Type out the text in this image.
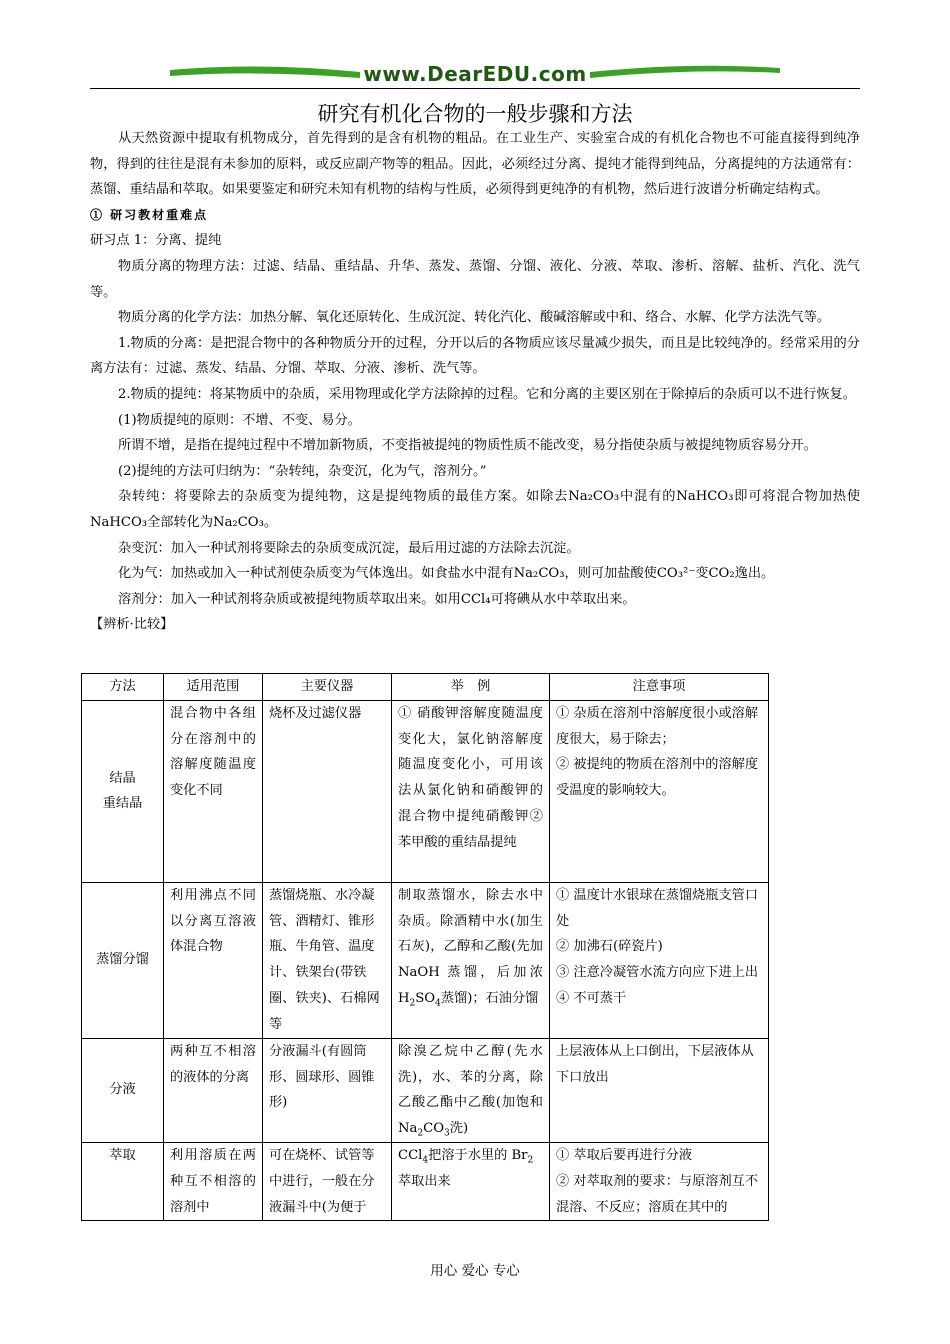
www.DearEDU.com
研究有机化合物的一般步骤和方法

从天然资源中提取有机物成分，首先得到的是含有机物的粗品。在工业生产、实验室合成的有机化合物也不可能直接得到纯净物，得到的往往是混有未参加的原料，或反应副产物等的粗品。因此，必须经过分离、提纯才能得到纯品，分离提纯的方法通常有：蒸馏、重结晶和萃取。如果要鉴定和研究未知有机物的结构与性质，必须得到更纯净的有机物，然后进行波谱分析确定结构式。

① 研习教材重难点

研习点 1：分离、提纯

物质分离的物理方法：过滤、结晶、重结晶、升华、蒸发、蒸馏、分馏、液化、分液、萃取、渗析、溶解、盐析、汽化、洗气等。

物质分离的化学方法：加热分解、氧化还原转化、生成沉淀、转化汽化、酸碱溶解或中和、络合、水解、化学方法洗气等。

1.物质的分离：是把混合物中的各种物质分开的过程，分开以后的各物质应该尽量减少损失，而且是比较纯净的。经常采用的分离方法有：过滤、蒸发、结晶、分馏、萃取、分液、渗析、洗气等。

2.物质的提纯：将某物质中的杂质，采用物理或化学方法除掉的过程。它和分离的主要区别在于除掉后的杂质可以不进行恢复。

(1)物质提纯的原则：不增、不变、易分。

所谓不增，是指在提纯过程中不增加新物质，不变指被提纯的物质性质不能改变，易分指使杂质与被提纯物质容易分开。

(2)提纯的方法可归纳为：“杂转纯，杂变沉，化为气，溶剂分。”

杂转纯：将要除去的杂质变为提纯物，这是提纯物质的最佳方案。如除去Na₂CO₃中混有的NaHCO₃即可将混合物加热使NaHCO₃全部转化为Na₂CO₃。

杂变沉：加入一种试剂将要除去的杂质变成沉淀，最后用过滤的方法除去沉淀。

化为气：加热或加入一种试剂使杂质变为气体逸出。如食盐水中混有Na₂CO₃，则可加盐酸使CO₃²⁻变CO₂逸出。

溶剂分：加入一种试剂将杂质或被提纯物质萃取出来。如用CCl₄可将碘从水中萃取出来。

【辨析·比较】

方法	适用范围	主要仪器	举　例	注意事项

结晶
重结晶	混合物中各组分在溶剂中的溶解度随温度变化不同	烧杯及过滤仪器	① 硝酸钾溶解度随温度变化大，氯化钠溶解度随温度变化小，可用该法从氯化钠和硝酸钾的混合物中提纯硝酸钾②苯甲酸的重结晶提纯	① 杂质在溶剂中溶解度很小或溶解度很大，易于除去；
② 被提纯的物质在溶剂中的溶解度受温度的影响较大。

蒸馏分馏	利用沸点不同以分离互溶液体混合物	蒸馏烧瓶、水冷凝管、酒精灯、锥形瓶、牛角管、温度计、铁架台(带铁圈、铁夹)、石棉网等	制取蒸馏水，除去水中杂质。除酒精中水(加生石灰)，乙醇和乙酸(先加 NaOH 蒸馏，后加浓 $H_2SO_4$蒸馏)；石油分馏	① 温度计水银球在蒸馏烧瓶支管口处
② 加沸石(碎瓷片)
③ 注意冷凝管水流方向应下进上出
④ 不可蒸干

分液	两种互不相溶的液体的分离	分液漏斗(有圆筒形、圆球形、圆锥形)	除溴乙烷中乙醇(先水洗)，水、苯的分离，除乙酸乙酯中乙酸(加饱和 $Na_2CO_3$洗)	上层液体从上口倒出，下层液体从下口放出
萃取	利用溶质在两种互不相溶的溶剂中	可在烧杯、试管等中进行，一般在分液漏斗中(为便于	CCl$_4$把溶于水里的 $Br_2$萃取出来	① 萃取后要再进行分液
② 对萃取剂的要求：与原溶剂互不混溶、不反应；溶质在其中的
用心 爱心 专心
